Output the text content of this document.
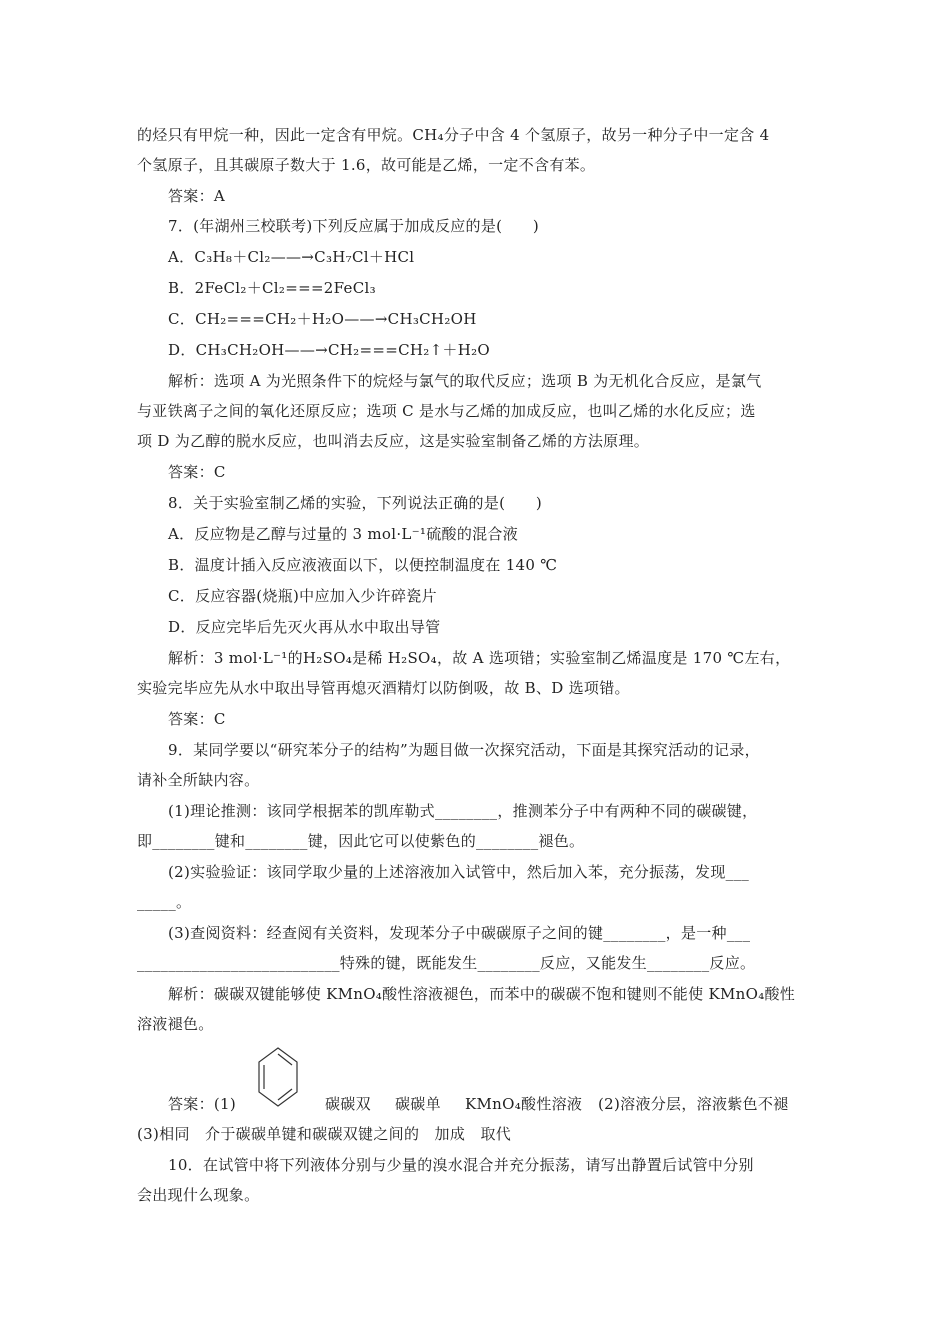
的烃只有甲烷一种，因此一定含有甲烷。CH₄分子中含 4 个氢原子，故另一种分子中一定含 4
个氢原子，且其碳原子数大于 1.6，故可能是乙烯，一定不含有苯。
答案：A
7．(年湖州三校联考)下列反应属于加成反应的是(　　)
A．C₃H₈＋Cl₂——→C₃H₇Cl＋HCl
B．2FeCl₂＋Cl₂===2FeCl₃
C．CH₂===CH₂＋H₂O——→CH₃CH₂OH
D．CH₃CH₂OH——→CH₂===CH₂↑＋H₂O
解析：选项 A 为光照条件下的烷烃与氯气的取代反应；选项 B 为无机化合反应，是氯气
与亚铁离子之间的氧化还原反应；选项 C 是水与乙烯的加成反应，也叫乙烯的水化反应；选
项 D 为乙醇的脱水反应，也叫消去反应，这是实验室制备乙烯的方法原理。
答案：C
8．关于实验室制乙烯的实验，下列说法正确的是(　　)
A．反应物是乙醇与过量的 3 mol·L⁻¹硫酸的混合液
B．温度计插入反应液液面以下，以便控制温度在 140 ℃
C．反应容器(烧瓶)中应加入少许碎瓷片
D．反应完毕后先灭火再从水中取出导管
解析：3 mol·L⁻¹的H₂SO₄是稀 H₂SO₄，故 A 选项错；实验室制乙烯温度是 170 ℃左右，
实验完毕应先从水中取出导管再熄灭酒精灯以防倒吸，故 B、D 选项错。
答案：C
9．某同学要以“研究苯分子的结构”为题目做一次探究活动，下面是其探究活动的记录，
请补全所缺内容。
(1)理论推测：该同学根据苯的凯库勒式________，推测苯分子中有两种不同的碳碳键，
即________键和________键，因此它可以使紫色的________褪色。
(2)实验验证：该同学取少量的上述溶液加入试管中，然后加入苯，充分振荡，发现___
_____。
(3)查阅资料：经查阅有关资料，发现苯分子中碳碳原子之间的键________，是一种___
__________________________特殊的键，既能发生________反应，又能发生________反应。
解析：碳碳双键能够使 KMnO₄酸性溶液褪色，而苯中的碳碳不饱和键则不能使 KMnO₄酸性
溶液褪色。
答案：(1)	碳碳双 碳碳单 KMnO₄酸性溶液 (2)溶液分层，溶液紫色不褪
(3)相同　介于碳碳单键和碳碳双键之间的　加成　取代
10．在试管中将下列液体分别与少量的溴水混合并充分振荡，请写出静置后试管中分别
会出现什么现象。
